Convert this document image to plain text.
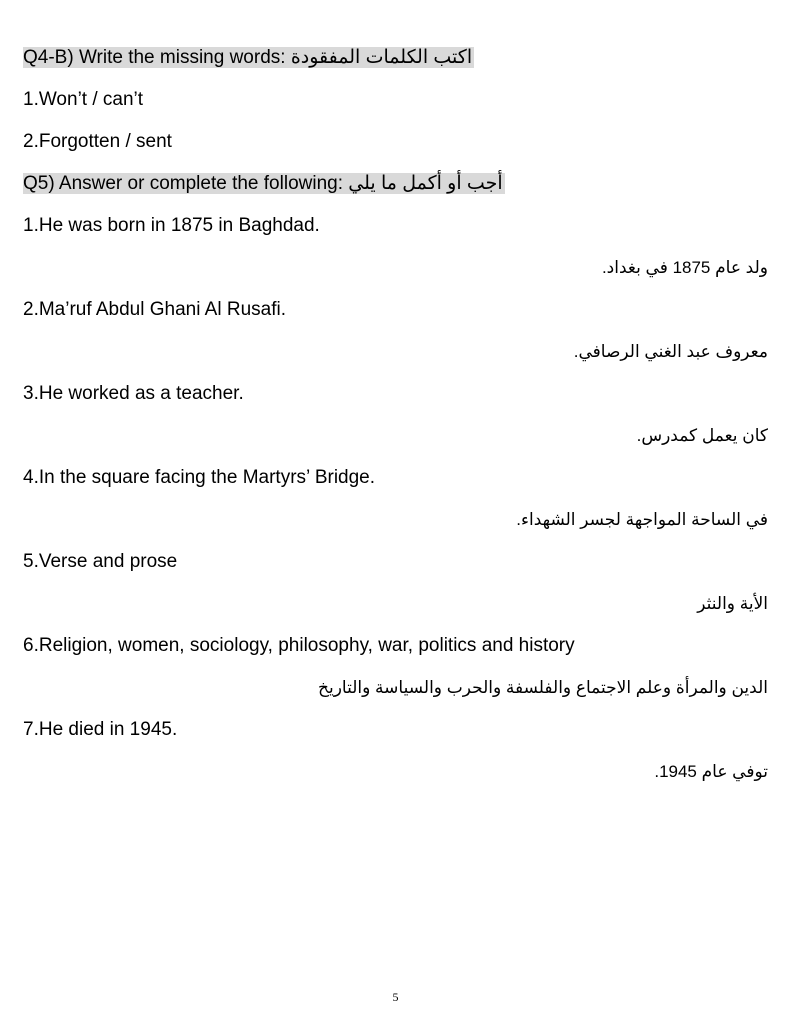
Q4-B) Write the missing words: اكتب الكلمات المفقودة
1.Won’t / can’t
2.Forgotten / sent
Q5) Answer or complete the following: أجب أو أكمل ما يلي
1.He was born in 1875 in Baghdad.
ولد عام 1875 في بغداد.
2.Ma’ruf Abdul Ghani Al Rusafi.
معروف عبد الغني الرصافي.
3.He worked as a teacher.
كان يعمل كمدرس.
4.In the square facing the Martyrs’ Bridge.
في الساحة المواجهة لجسر الشهداء.
5.Verse and prose
الأية والنثر
6.Religion, women, sociology, philosophy, war, politics and history
الدين والمرأة وعلم الاجتماع والفلسفة والحرب والسياسة والتاريخ
7.He died in 1945.
توفي عام 1945.
5
